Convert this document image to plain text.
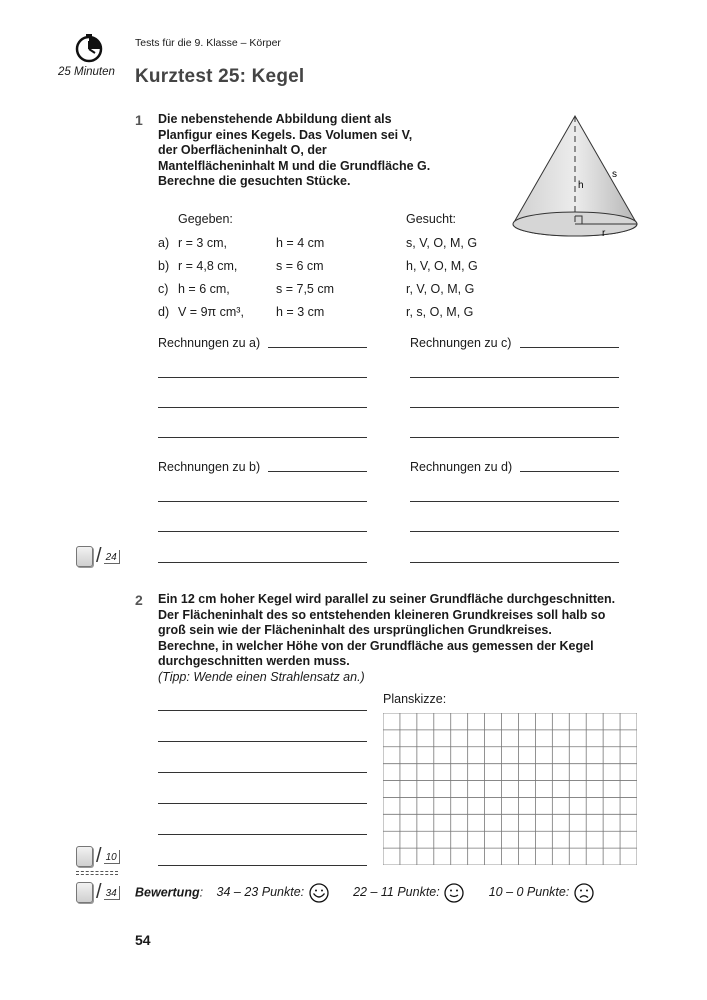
Tests für die 9. Klasse – Körper
25 Minuten Kurztest 25: Kegel
1 Die nebenstehende Abbildung dient als
Planfigur eines Kegels. Das Volumen sei V,
der Oberflächeninhalt O, der
Mantelflächeninhalt M und die Grundfläche G.
Berechne die gesuchten Stücke.	h
s
r
Gegeben:	Gesucht:
a) r = 3 cm,	h = 4 cm	s, V, O, M, G
b) r = 4,8 cm,	s = 6 cm	h, V, O, M, G
c) h = 6 cm,	s = 7,5 cm	r, V, O, M, G
d) V = 9π cm³,	h = 3 cm	r, s, O, M, G
Rechnungen zu a)	Rechnungen zu c)
Rechnungen zu b)	Rechnungen zu d)
/ 24
2 Ein 12 cm hoher Kegel wird parallel zu seiner Grundfläche durchgeschnitten.
Der Flächeninhalt des so entstehenden kleineren Grundkreises soll halb so
groß sein wie der Flächeninhalt des ursprünglichen Grundkreises.
Berechne, in welcher Höhe von der Grundfläche aus gemessen der Kegel
durchgeschnitten werden muss.
(Tipp: Wende einen Strahlensatz an.)
Planskizze:
/ 10
/ 34 Bewertung: 34 – 23 Punkte:	22 – 11 Punkte:	10 – 0 Punkte:
54
